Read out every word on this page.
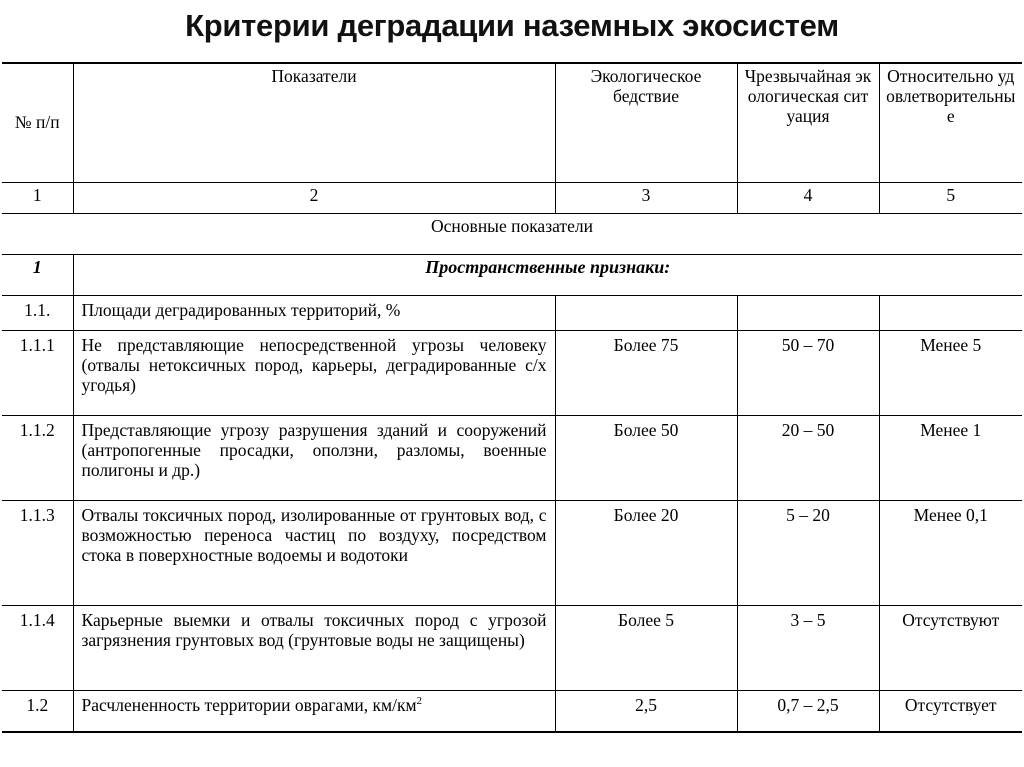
Критерии деградации наземных экосистем
№ п/п	Показатели	Экологическое бедствие	Чрезвычайная экологическая ситуация	Относительно удовлетворительные
1	2	3	4	5
Основные показатели				
1	Пространственные признаки:			
1.1.	Площади деградированных территорий, %			
1.1.1	Не представляющие непосредственной угрозы человеку (отвалы нетоксичных пород, карьеры, деградированные с/х угодья)	Более 75	50 – 70	Менее 5
1.1.2	Представляющие угрозу разрушения зданий и сооружений (антропогенные просадки, оползни, разломы, военные полигоны и др.)	Более 50	20 – 50	Менее 1
1.1.3	Отвалы токсичных пород, изолированные от грунтовых вод, с возможностью переноса частиц по воздуху, посредством стока в поверхностные водоемы и водотоки	Более 20	5 – 20	Менее 0,1
1.1.4	Карьерные выемки и отвалы токсичных пород с угрозой загрязнения грунтовых вод (грунтовые воды не защищены)	Более 5	3 – 5	Отсутствуют
1.2	Расчлененность территории оврагами, $км/км^2$	2,5	0,7 – 2,5	Отсутствует
